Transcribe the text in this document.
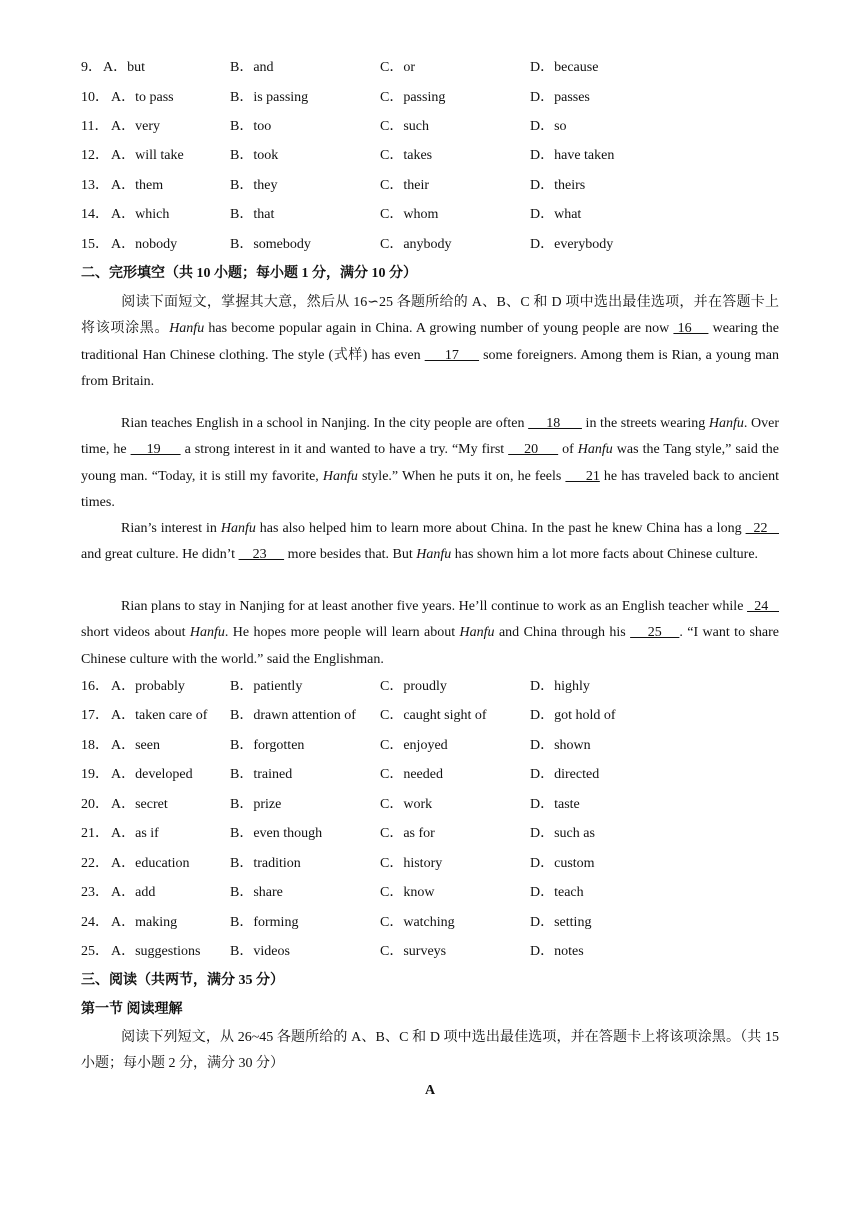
9． A．but	B．and	C．or	D．because
10． A．to pass	B．is passing	C．passing	D．passes
11． A．very	B．too	C．such	D．so
12． A．will take	B．took	C．takes	D．have taken
13． A．them	B．they	C．their	D．theirs
14． A．which	B．that	C．whom	D．what
15． A．nobody	B．somebody	C．anybody	D．everybody
二、完形填空（共 10 小题；每小题 1 分，满分 10 分）
阅读下面短文，掌握其大意，然后从 16∽25 各题所给的 A、B、C 和 D 项中选出最佳选项，并在答题卡上将该项涂黑。Hanfu has become popular again in China. A growing number of young people are now  16     wearing the traditional Han Chinese clothing. The style (式样) has even      17      some foreigners. Among them is Rian, a young man from Britain.
Rian teaches English in a school in Nanjing. In the city people are often      18       in the streets wearing Hanfu. Over time, he     19      a strong interest in it and wanted to have a try. “My first     20      of Hanfu was the Tang style,” said the young man. “Today, it is still my favorite, Hanfu style.” When he puts it on, he feels      21 he has traveled back to ancient times.
Rian’s interest in Hanfu has also helped him to learn more about China. In the past he knew China has a long   22    and great culture. He didn’t     23      more besides that. But Hanfu has shown him a lot more facts about Chinese culture.
Rian plans to stay in Nanjing for at least another five years. He’ll continue to work as an English teacher while   24    short videos about Hanfu. He hopes more people will learn about Hanfu and China through his     25    . “I want to share Chinese culture with the world.” said the Englishman.
16． A．probably	B．patiently	C．proudly	D．highly
17． A．taken care of B．drawn attention of C．caught sight of	D．got hold of
18． A．seen	B．forgotten	C．enjoyed	D．shown
19． A．developed	B．trained	C．needed	D．directed
20． A．secret	B．prize	C．work	D．taste
21． A．as if	B．even though	C．as for	D．such as
22． A．education	B．tradition	C．history	D．custom
23． A．add	B．share	C．know	D．teach
24． A．making	B．forming	C．watching	D．setting
25． A．suggestions B．videos	C．surveys	D．notes
三、阅读（共两节，满分 35 分）
第一节 阅读理解
阅读下列短文，从 26~45 各题所给的 A、B、C 和 D 项中选出最佳选项，并在答题卡上将该项涂黑。（共 15 小题；每小题 2 分，满分 30 分）
A
